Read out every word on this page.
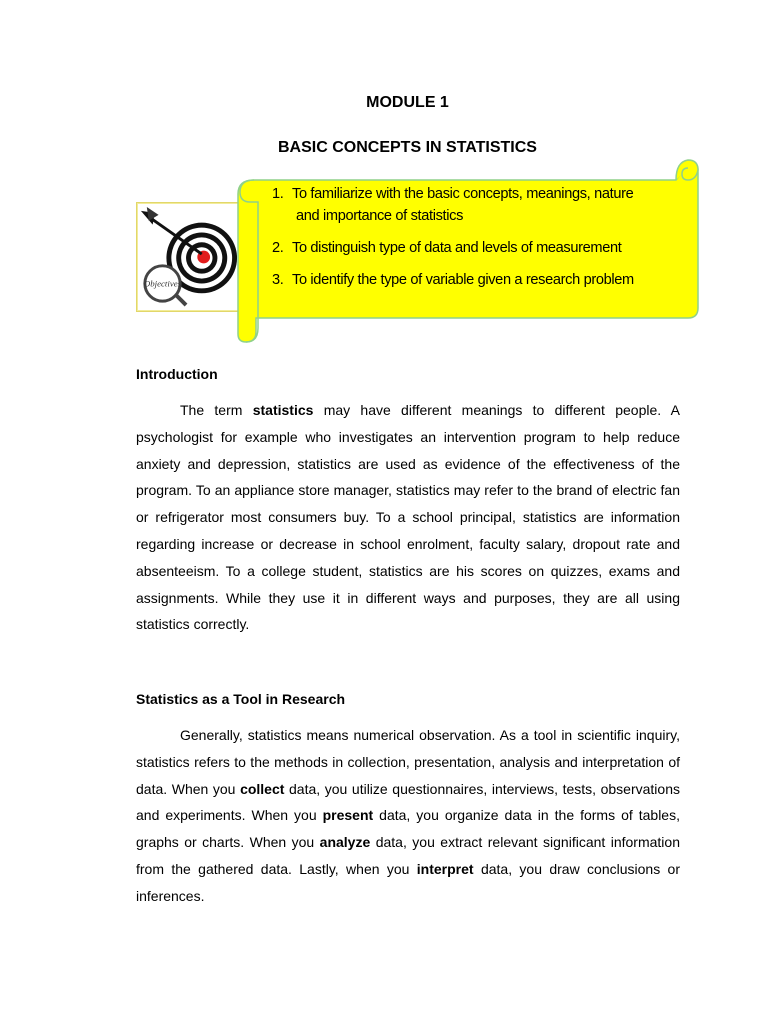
MODULE 1
BASIC CONCEPTS IN STATISTICS
Objectives
1. To familiarize with the basic concepts, meanings, nature
and importance of statistics
2. To distinguish type of data and levels of measurement
3. To identify the type of variable given a research problem
Introduction

The term statistics may have different meanings to different people. A psychologist for example who investigates an intervention program to help reduce anxiety and depression, statistics are used as evidence of the effectiveness of the program. To an appliance store manager, statistics may refer to the brand of electric fan or refrigerator most consumers buy. To a school principal, statistics are information regarding increase or decrease in school enrolment, faculty salary, dropout rate and absenteeism. To a college student, statistics are his scores on quizzes, exams and assignments. While they use it in different ways and purposes, they are all using statistics correctly.

Statistics as a Tool in Research

Generally, statistics means numerical observation. As a tool in scientific inquiry, statistics refers to the methods in collection, presentation, analysis and interpretation of data. When you collect data, you utilize questionnaires, interviews, tests, observations and experiments. When you present data, you organize data in the forms of tables, graphs or charts. When you analyze data, you extract relevant significant information from the gathered data. Lastly, when you interpret data, you draw conclusions or inferences.
